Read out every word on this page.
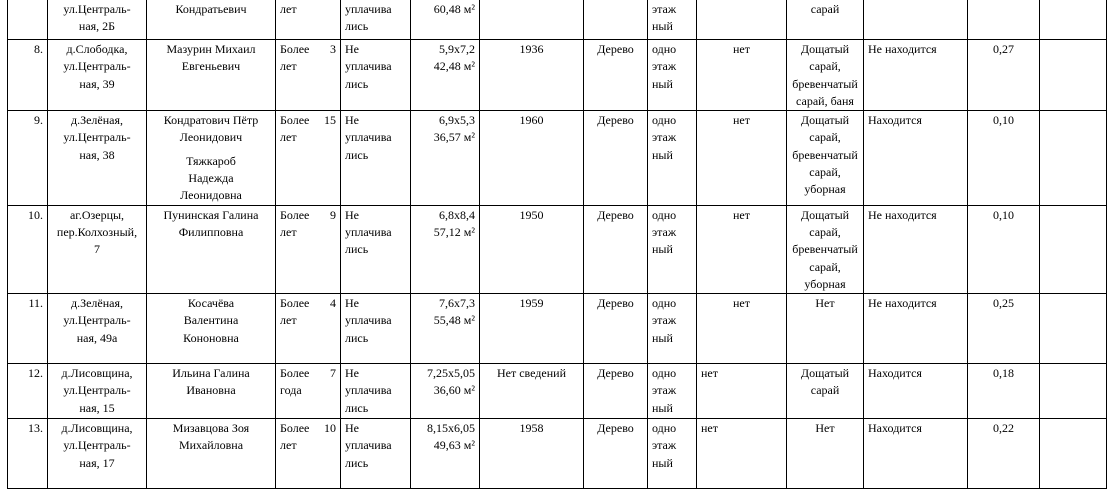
	ул.Централь-
ная, 2Б	Кондратьевич	лет	уплачива
лись	60,48 м²			этаж
ный		сарай			

8.	д.Слободка,
ул.Централь-
ная, 39	Мазурин Михаил
Евгеньевич	Более 3
лет	Не
уплачива
лись	5,9x7,2
42,48 м²	1936	Дерево	одно
этаж
ный	нет	Дощатый
сарай,
бревенчатый
сарай, баня	Не находится	0,27	
9.	д.Зелёная,
ул.Централь-
ная, 38	Кондратович Пётр
Леонидович
Тяжкароб
Надежда
Леонидовна	Более 15
лет	Не
уплачива
лись	6,9x5,3
36,57 м²	1960	Дерево	одно
этаж
ный	нет	Дощатый
сарай,
бревенчатый
сарай,
уборная	Находится	0,10	
10.	аг.Озерцы,
пер.Колхозный,
7	Пунинская Галина
Филипповна	Более 9
лет	Не
уплачива
лись	6,8x8,4
57,12 м²	1950	Дерево	одно
этаж
ный	нет	Дощатый
сарай,
бревенчатый
сарай,
уборная	Не находится	0,10	
11.	д.Зелёная,
ул.Централь-
ная, 49а	Косачёва
Валентина
Кононовна	Более 4
лет	Не
уплачива
лись	7,6x7,3
55,48 м²	1959	Дерево	одно
этаж
ный	нет	Нет	Не находится	0,25	
12.	д.Лисовщина,
ул.Централь-
ная, 15	Ильина Галина
Ивановна	Более 7
года	Не
уплачива
лись	7,25x5,05
36,60 м²	Нет сведений	Дерево	одно
этаж
ный	нет	Дощатый
сарай	Находится	0,18	
13.	д.Лисовщина,
ул.Централь-
ная, 17	Мизавцова Зоя
Михайловна	Более 10
лет	Не
уплачива
лись	8,15x6,05
49,63 м²	1958	Дерево	одно
этаж
ный	нет	Нет	Находится	0,22	
